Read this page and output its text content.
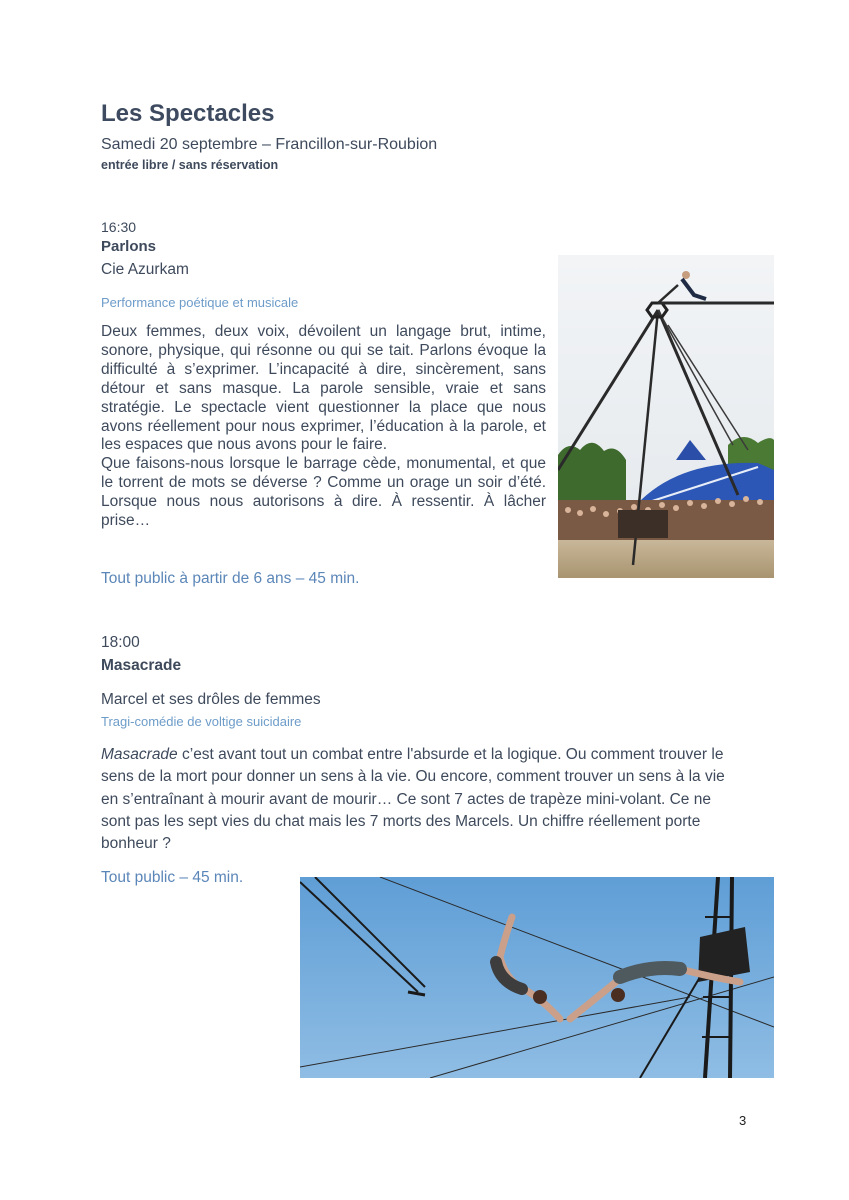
Les Spectacles
Samedi 20 septembre – Francillon-sur-Roubion
entrée libre / sans réservation
16:30
Parlons
Cie Azurkam
Performance poétique et musicale

Deux femmes, deux voix, dévoilent un langage brut, intime, sonore, physique, qui résonne ou qui se tait. Parlons évoque la difficulté à s’exprimer. L’incapacité à dire, sincèrement, sans détour et sans masque. La parole sensible, vraie et sans stratégie. Le spectacle vient questionner la place que nous avons réellement pour nous exprimer, l’éducation à la parole, et les espaces que nous avons pour le faire.

Que faisons-nous lorsque le barrage cède, monumental, et que le torrent de mots se déverse ? Comme un orage un soir d’été. Lorsque nous nous autorisons à dire. À ressentir. À lâcher prise…

Tout public à partir de 6 ans – 45 min.
18:00
Masacrade
Marcel et ses drôles de femmes
Tragi-comédie de voltige suicidaire
Masacrade c’est avant tout un combat entre l'absurde et la logique. Ou comment trouver le sens de la mort pour donner un sens à la vie. Ou encore, comment trouver un sens à la vie en s’entraînant à mourir avant de mourir… Ce sont 7 actes de trapèze mini-volant. Ce ne sont pas les sept vies du chat mais les 7 morts des Marcels. Un chiffre réellement porte bonheur ?
Tout public – 45 min.
3
